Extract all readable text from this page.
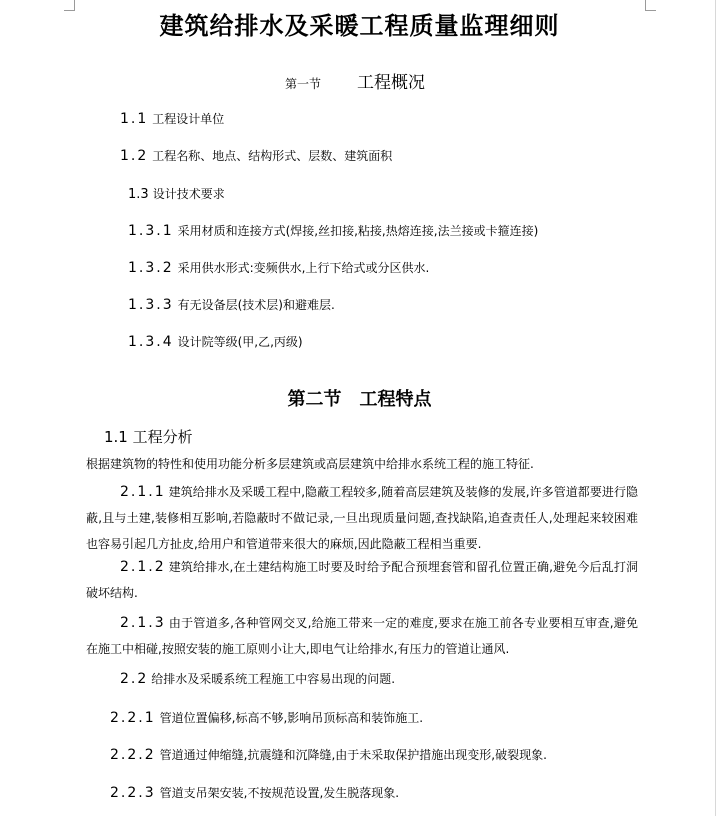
建筑给排水及采暖工程质量监理细则
第一节 工程概况
1.1 工程设计单位
1.2 工程名称、地点、结构形式、层数、建筑面积
1.3 设计技术要求
1.3.1 采用材质和连接方式(焊接,丝扣接,粘接,热熔连接,法兰接或卡箍连接)
1.3.2 采用供水形式:变频供水,上行下给式或分区供水.
1.3.3 有无设备层(技术层)和避难层.
1.3.4 设计院等级(甲,乙,丙级)
第二节 工程特点
1.1 工程分析
根据建筑物的特性和使用功能分析多层建筑或高层建筑中给排水系统工程的施工特征.
2.1.1 建筑给排水及采暖工程中,隐蔽工程较多,随着高层建筑及装修的发展,许多管道都要进行隐蔽,且与土建,装修相互影响,若隐蔽时不做记录,一旦出现质量问题,查找缺陷,追查责任人,处理起来较困难也容易引起几方扯皮,给用户和管道带来很大的麻烦,因此隐蔽工程相当重要.
2.1.2 建筑给排水,在土建结构施工时要及时给予配合预埋套管和留孔位置正确,避免今后乱打洞破坏结构.
2.1.3 由于管道多,各种管网交叉,给施工带来一定的难度,要求在施工前各专业要相互审查,避免在施工中相碰,按照安装的施工原则小让大,即电气让给排水,有压力的管道让通风.
2.2 给排水及采暖系统工程施工中容易出现的问题.
2.2.1 管道位置偏移,标高不够,影响吊顶标高和装饰施工.
2.2.2 管道通过伸缩缝,抗震缝和沉降缝,由于未采取保护措施出现变形,破裂现象.
2.2.3 管道支吊架安装,不按规范设置,发生脱落现象.
